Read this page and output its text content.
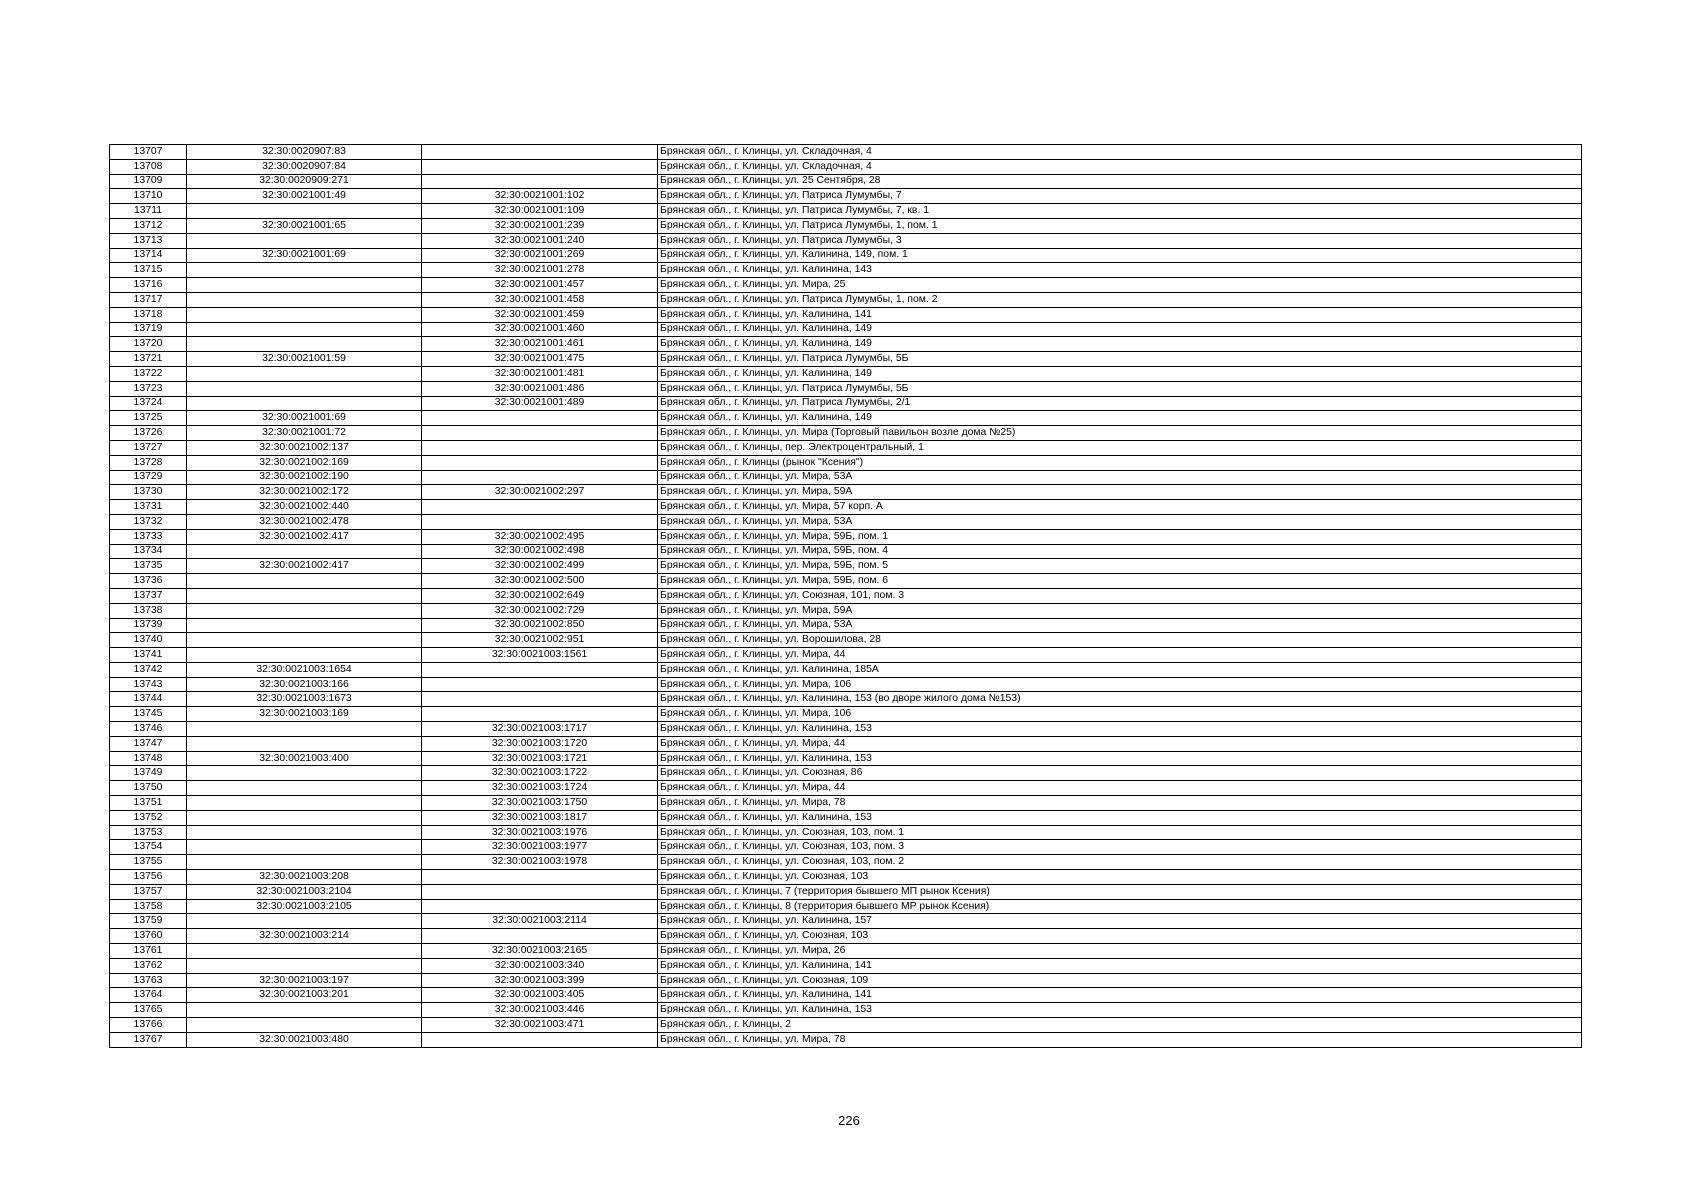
13707	32:30:0020907:83		Брянская обл., г. Клинцы, ул. Складочная, 4
13708	32:30:0020907:84		Брянская обл., г. Клинцы, ул. Складочная, 4
13709	32:30:0020909:271		Брянская обл., г. Клинцы, ул. 25 Сентября, 28
13710	32:30:0021001:49	32:30:0021001:102	Брянская обл., г. Клинцы, ул. Патриса Лумумбы, 7
13711		32:30:0021001:109	Брянская обл., г. Клинцы, ул. Патриса Лумумбы, 7, кв. 1
13712	32:30:0021001:65	32:30:0021001:239	Брянская обл., г. Клинцы, ул. Патриса Лумумбы, 1, пом. 1
13713		32:30:0021001:240	Брянская обл., г. Клинцы, ул. Патриса Лумумбы, 3
13714	32:30:0021001:69	32:30:0021001:269	Брянская обл., г. Клинцы, ул. Калинина, 149, пом. 1
13715		32:30:0021001:278	Брянская обл., г. Клинцы, ул. Калинина, 143
13716		32:30:0021001:457	Брянская обл., г. Клинцы, ул. Мира, 25
13717		32:30:0021001:458	Брянская обл., г. Клинцы, ул. Патриса Лумумбы, 1, пом. 2
13718		32:30:0021001:459	Брянская обл., г. Клинцы, ул. Калинина, 141
13719		32:30:0021001:460	Брянская обл., г. Клинцы, ул. Калинина, 149
13720		32:30:0021001:461	Брянская обл., г. Клинцы, ул. Калинина, 149
13721	32:30:0021001:59	32:30:0021001:475	Брянская обл., г. Клинцы, ул. Патриса Лумумбы, 5Б
13722		32:30:0021001:481	Брянская обл., г. Клинцы, ул. Калинина, 149
13723		32:30:0021001:486	Брянская обл., г. Клинцы, ул. Патриса Лумумбы, 5Б
13724		32:30:0021001:489	Брянская обл., г. Клинцы, ул. Патриса Лумумбы, 2/1
13725	32:30:0021001:69		Брянская обл., г. Клинцы, ул. Калинина, 149
13726	32:30:0021001:72		Брянская обл., г. Клинцы, ул. Мира (Торговый павильон возле дома №25)
13727	32:30:0021002:137		Брянская обл., г. Клинцы, пер. Электроцентральный, 1
13728	32:30:0021002:169		Брянская обл., г. Клинцы (рынок "Ксения")
13729	32:30:0021002:190		Брянская обл., г. Клинцы, ул. Мира, 53А
13730	32:30:0021002:172	32:30:0021002:297	Брянская обл., г. Клинцы, ул. Мира, 59А
13731	32:30:0021002:440		Брянская обл., г. Клинцы, ул. Мира, 57 корп. А
13732	32:30:0021002:478		Брянская обл., г. Клинцы, ул. Мира, 53А
13733	32:30:0021002:417	32:30:0021002:495	Брянская обл., г. Клинцы, ул. Мира, 59Б, пом. 1
13734		32:30:0021002:498	Брянская обл., г. Клинцы, ул. Мира, 59Б, пом. 4
13735	32:30:0021002:417	32:30:0021002:499	Брянская обл., г. Клинцы, ул. Мира, 59Б, пом. 5
13736		32:30:0021002:500	Брянская обл., г. Клинцы, ул. Мира, 59Б, пом. 6
13737		32:30:0021002:649	Брянская обл., г. Клинцы, ул. Союзная, 101, пом. 3
13738		32:30:0021002:729	Брянская обл., г. Клинцы, ул. Мира, 59А
13739		32:30:0021002:850	Брянская обл., г. Клинцы, ул. Мира, 53А
13740		32:30:0021002:951	Брянская обл., г. Клинцы, ул. Ворошилова, 28
13741		32:30:0021003:1561	Брянская обл., г. Клинцы, ул. Мира, 44
13742	32:30:0021003:1654		Брянская обл., г. Клинцы, ул. Калинина, 185А
13743	32:30:0021003:166		Брянская обл., г. Клинцы, ул. Мира, 106
13744	32:30:0021003:1673		Брянская обл., г. Клинцы, ул. Калинина, 153 (во дворе жилого дома №153)
13745	32:30:0021003:169		Брянская обл., г. Клинцы, ул. Мира, 106
13746		32:30:0021003:1717	Брянская обл., г. Клинцы, ул. Калинина, 153
13747		32:30:0021003:1720	Брянская обл., г. Клинцы, ул. Мира, 44
13748	32:30:0021003:400	32:30:0021003:1721	Брянская обл., г. Клинцы, ул. Калинина, 153
13749		32:30:0021003:1722	Брянская обл., г. Клинцы, ул. Союзная, 86
13750		32:30:0021003:1724	Брянская обл., г. Клинцы, ул. Мира, 44
13751		32:30:0021003:1750	Брянская обл., г. Клинцы, ул. Мира, 78
13752		32:30:0021003:1817	Брянская обл., г. Клинцы, ул. Калинина, 153
13753		32:30:0021003:1976	Брянская обл., г. Клинцы, ул. Союзная, 103, пом. 1
13754		32:30:0021003:1977	Брянская обл., г. Клинцы, ул. Союзная, 103, пом. 3
13755		32:30:0021003:1978	Брянская обл., г. Клинцы, ул. Союзная, 103, пом. 2
13756	32:30:0021003:208		Брянская обл., г. Клинцы, ул. Союзная, 103
13757	32:30:0021003:2104		Брянская обл., г. Клинцы, 7 (территория бывшего МП рынок Ксения)
13758	32:30:0021003:2105		Брянская обл., г. Клинцы, 8 (территория бывшего МР рынок Ксения)
13759		32:30:0021003:2114	Брянская обл., г. Клинцы, ул. Калинина, 157
13760	32:30:0021003:214		Брянская обл., г. Клинцы, ул. Союзная, 103
13761		32:30:0021003:2165	Брянская обл., г. Клинцы, ул. Мира, 26
13762		32:30:0021003:340	Брянская обл., г. Клинцы, ул. Калинина, 141
13763	32:30:0021003:197	32:30:0021003:399	Брянская обл., г. Клинцы, ул. Союзная, 109
13764	32:30:0021003:201	32:30:0021003:405	Брянская обл., г. Клинцы, ул. Калинина, 141
13765		32:30:0021003:446	Брянская обл., г. Клинцы, ул. Калинина, 153
13766		32:30:0021003:471	Брянская обл., г. Клинцы, 2
13767	32:30:0021003:480		Брянская обл., г. Клинцы, ул. Мира, 78
226
